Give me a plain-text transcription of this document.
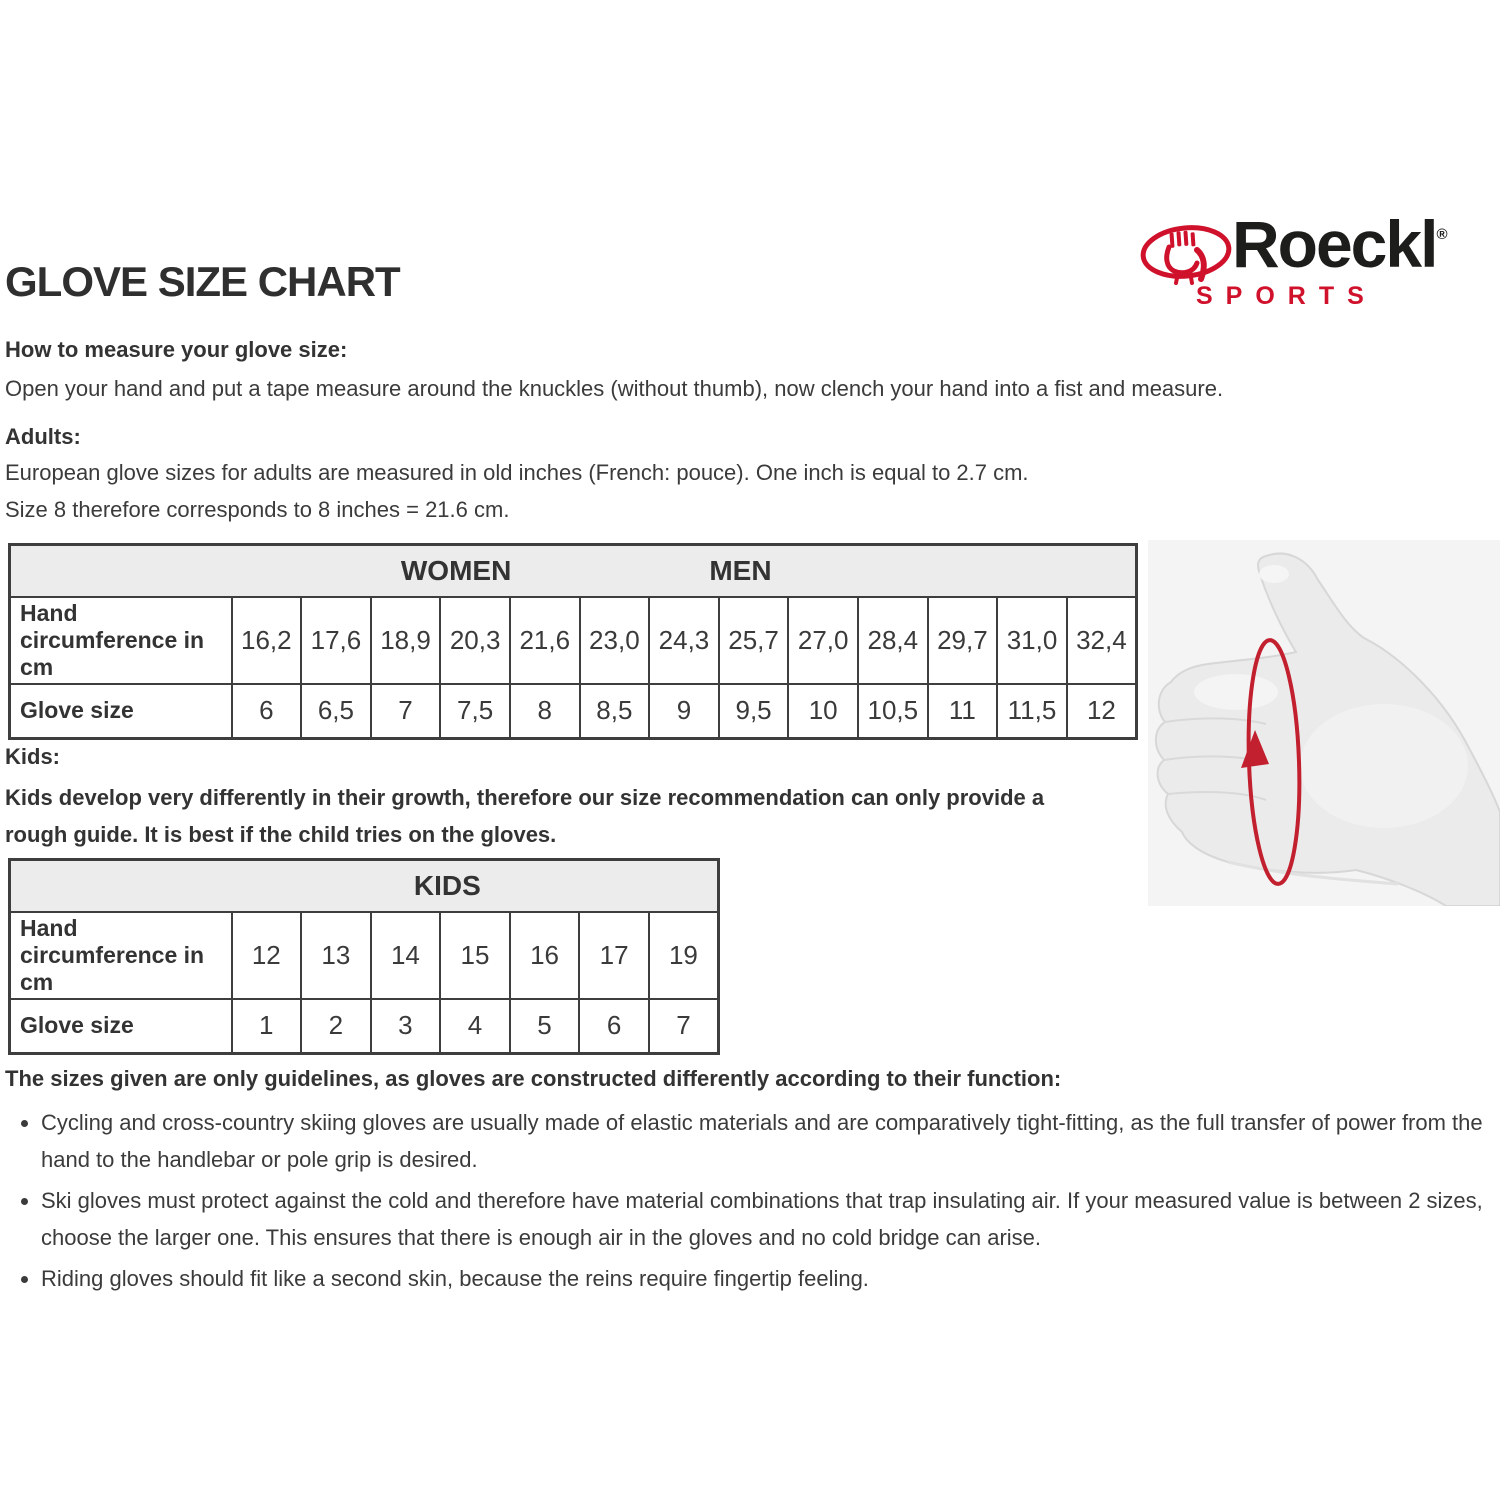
GLOVE SIZE CHART
Roeckl®
SPORTS

How to measure your glove size:

Open your hand and put a tape measure around the knuckles (without thumb), now clench your hand into a fist and measure.

Adults:

European glove sizes for adults are measured in old inches (French: pouce). One inch is equal to 2.7 cm.

Size 8 therefore corresponds to 8 inches = 21.6 cm.

WOMEN MEN													

Hand circumference in cm	16,2	17,6	18,9	20,3	21,6	23,0	24,3	25,7	27,0	28,4	29,7	31,0	32,4
Glove size	6	6,5	7	7,5	8	8,5	9	9,5	10	10,5	11	11,5	12

Kids:

Kids develop very differently in their growth, therefore our size recommendation can only provide a rough guide. It is best if the child tries on the gloves.

KIDS							

Hand circumference in cm	12	13	14	15	16	17	19
Glove size	1	2	3	4	5	6	7

The sizes given are only guidelines, as gloves are constructed differently according to their function:

• Cycling and cross-country skiing gloves are usually made of elastic materials and are comparatively tight-fitting, as the full transfer of power from the hand to the handlebar or pole grip is desired.
• Ski gloves must protect against the cold and therefore have material combinations that trap insulating air. If your measured value is between 2 sizes, choose the larger one. This ensures that there is enough air in the gloves and no cold bridge can arise.
• Riding gloves should fit like a second skin, because the reins require fingertip feeling.
